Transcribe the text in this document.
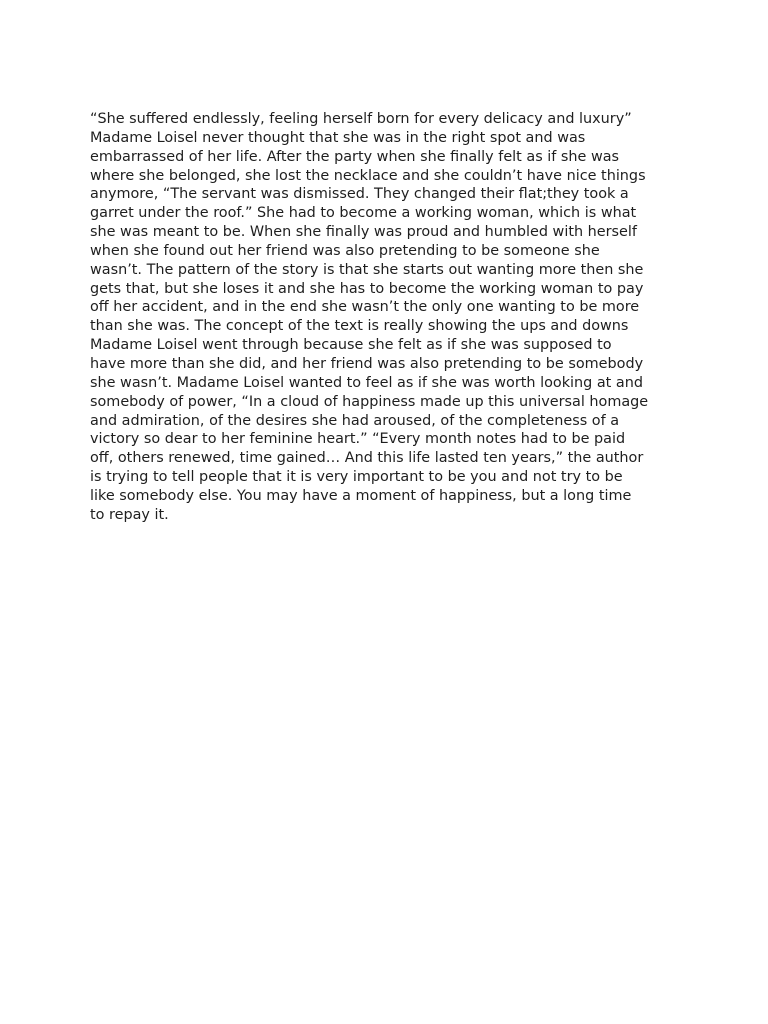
“She suffered endlessly, feeling herself born for every delicacy and luxury”
Madame Loisel never thought that she was in the right spot and was
embarrassed of her life. After the party when she finally felt as if she was
where she belonged, she lost the necklace and she couldn’t have nice things
anymore, “The servant was dismissed. They changed their flat;they took a
garret under the roof.” She had to become a working woman, which is what
she was meant to be. When she finally was proud and humbled with herself
when she found out her friend was also pretending to be someone she
wasn’t. The pattern of the story is that she starts out wanting more then she
gets that, but she loses it and she has to become the working woman to pay
off her accident, and in the end she wasn’t the only one wanting to be more
than she was. The concept of the text is really showing the ups and downs
Madame Loisel went through because she felt as if she was supposed to
have more than she did, and her friend was also pretending to be somebody
she wasn’t. Madame Loisel wanted to feel as if she was worth looking at and
somebody of power, “In a cloud of happiness made up this universal homage
and admiration, of the desires she had aroused, of the completeness of a
victory so dear to her feminine heart.” “Every month notes had to be paid
off, others renewed, time gained… And this life lasted ten years,” the author
is trying to tell people that it is very important to be you and not try to be
like somebody else. You may have a moment of happiness, but a long time
to repay it.
